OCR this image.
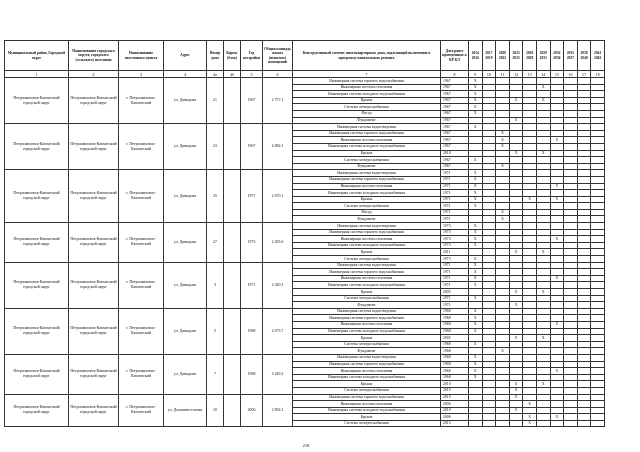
Муниципальный район, Городской округ	Наименование городского округа, городского (сельского) поселения	Наименование населенного пункта	Адрес	Номер дома	Корпус (блок)	Год постройки	Общая площадь жилых (нежилых) помещений	Конструктивный элемент многоквартирного дома, подлежащий включению в программу капитального ремонта	Дата ранее проведенных к КР КЭ	2014 2016	2017 2019	2020 2022	2023 2025	2026 2028	2029 2031	2032 2034	2035 2037	2038 2040	2041 2043
1	2	3	4	4а	4б	5	6	7	8	9	10	11	12	13	14	15	16	17	18
Петропавловск-Камчатский городской округ	Петропавловск-Камчатский городской округ	г. Петропавловск-Камчатский	ул. Давыдова	21		1967	2 757.1	Инженерная система горячего водоснабжения	1967	X									
								Инженерная система отопления	1967	X					X				
								Инженерная система холодного водоснабжения	1967	X									
								Крыша	1967	X			X		X				
								Система электроснабжения	1967	X									
								Фасад	1967	X									
								Фундамент	1967				X						
Петропавловск-Камчатский городской округ	Петропавловск-Камчатский городской округ	г. Петропавловск-Камчатский	ул. Давыдова	23		1967	4 082.3	Инженерная система водоотведения	1967	X									
								Инженерная система горячего водоснабжения	1967			X							
								Инженерная система отопления	1967			X				X			
								Инженерная система холодного водоснабжения	1967			X							
								Крыша	2010				X		X				
								Система электроснабжения	1967	X									
								Фундамент	1967			X							
Петропавловск-Камчатский городской округ	Петропавловск-Камчатский городской округ	г. Петропавловск-Камчатский	ул. Давыдова	25		1971	2 670.1	Инженерная система водоотведения	1971	X									
								Инженерная система горячего водоснабжения	1971	X									
								Инженерная система отопления	1971	X						X			
								Инженерная система холодного водоснабжения	1971	X									
								Крыша	1971	X				X		X			
								Система электроснабжения	1971	X									
								Фасад	1971			X							
								Фундамент	1971			X							
Петропавловск-Камчатский городской округ	Петропавловск-Камчатский городской округ	г. Петропавловск-Камчатский	ул. Давыдова	27		1973	2 205.6	Инженерная система водоотведения	1973	X									
								Инженерная система горячего водоснабжения	1973	X									
								Инженерная система отопления	1973	X						X			
								Инженерная система холодного водоснабжения	1973	X									
								Крыша	2011				X		X				
								Система электроснабжения	1973	X									
Петропавловск-Камчатский городской округ	Петропавловск-Камчатский городской округ	г. Петропавловск-Камчатский	ул. Давыдова	3		1971	2 020.3	Инженерная система водоотведения	1971	X									
								Инженерная система горячего водоснабжения	1971	X									
								Инженерная система отопления	1971	X						X			
								Инженерная система холодного водоснабжения	1971	X									
								Крыша	2005				X		X				
								Система электроснабжения	1971	X									
								Фундамент	1971				X						
Петропавловск-Камчатский городской округ	Петропавловск-Камчатский городской округ	г. Петропавловск-Камчатский	ул. Давыдова	5		1968	4 073.7	Инженерная система водоотведения	1968	X									
								Инженерная система горячего водоснабжения	1968	X									
								Инженерная система отопления	1968	X						X			
								Инженерная система холодного водоснабжения	1968	X									
								Крыша	2005				X		X				
								Система электроснабжения	1968	X									
								Фундамент	1968			X							
Петропавловск-Камчатский городской округ	Петропавловск-Камчатский городской округ	г. Петропавловск-Камчатский	ул. Давыдова	7		1968	4 249.2	Инженерная система водоотведения	1968	X									
								Инженерная система горячего водоснабжения	1968	X									
								Инженерная система отопления	1968	X						X			
								Инженерная система холодного водоснабжения	1968	X									
								Крыша	2010				X		X				
								Система электроснабжения	2010				X						
Петропавловск-Камчатский городской округ	Петропавловск-Камчатский городской округ	г. Петропавловск-Камчатский	ул. Дальневосточная	10		2006	2 902.2	Инженерная система горячего водоснабжения	2010				X						
								Инженерная система отопления	2006					X					
								Инженерная система холодного водоснабжения	2010				X						
								Крыша	2006					X		X			
								Система электроснабжения	2013					X					
218
